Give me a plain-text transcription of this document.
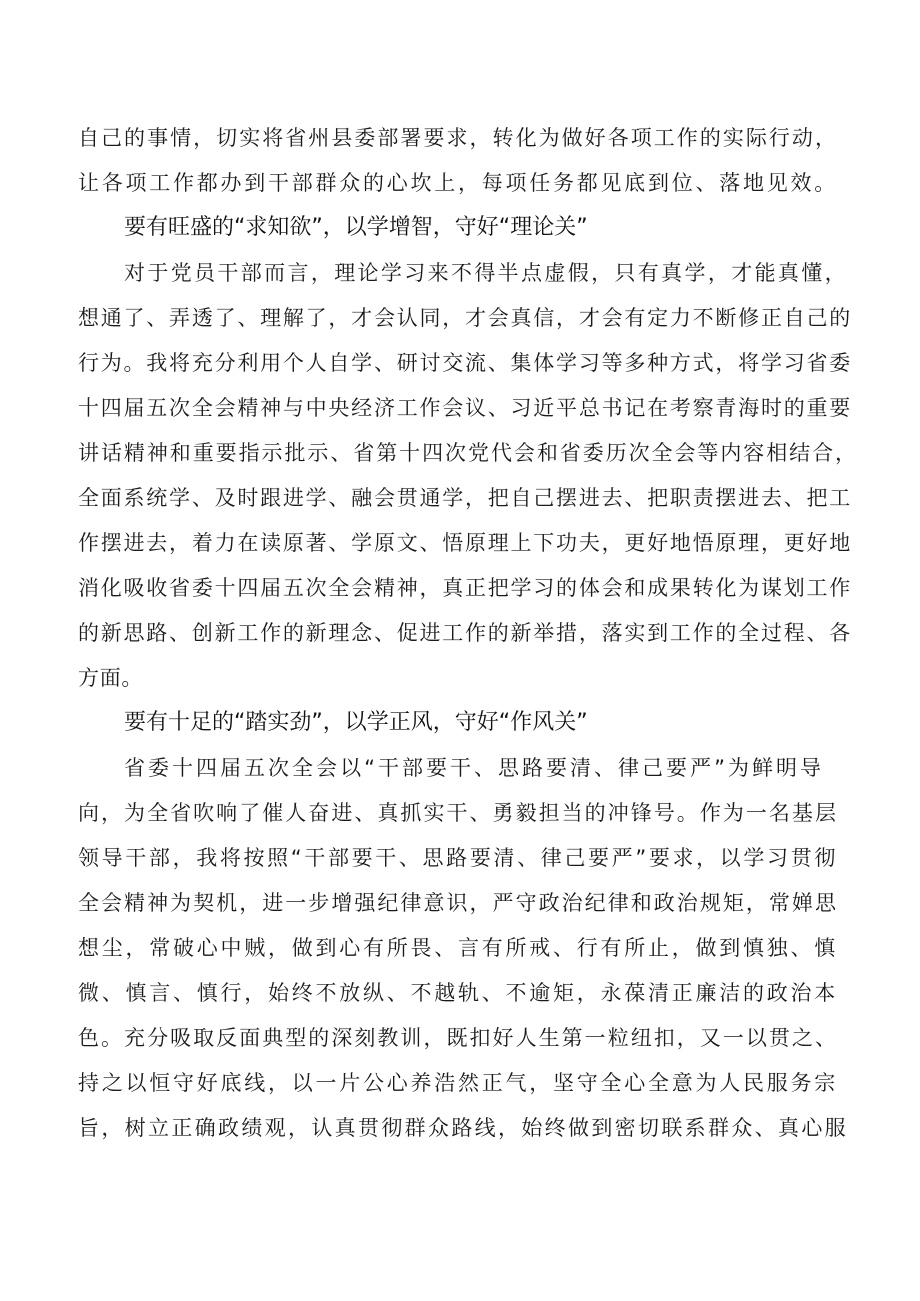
自己的事情，切实将省州县委部署要求，转化为做好各项工作的实际行动，
让各项工作都办到干部群众的心坎上，每项任务都见底到位、落地见效。
要有旺盛的“求知欲”，以学增智，守好“理论关”
对于党员干部而言，理论学习来不得半点虚假，只有真学，才能真懂，
想通了、弄透了、理解了，才会认同，才会真信，才会有定力不断修正自己的
行为。我将充分利用个人自学、研讨交流、集体学习等多种方式，将学习省委
十四届五次全会精神与中央经济工作会议、习近平总书记在考察青海时的重要
讲话精神和重要指示批示、省第十四次党代会和省委历次全会等内容相结合，
全面系统学、及时跟进学、融会贯通学，把自己摆进去、把职责摆进去、把工
作摆进去，着力在读原著、学原文、悟原理上下功夫，更好地悟原理，更好地
消化吸收省委十四届五次全会精神，真正把学习的体会和成果转化为谋划工作
的新思路、创新工作的新理念、促进工作的新举措，落实到工作的全过程、各
方面。
要有十足的“踏实劲”，以学正风，守好“作风关”
省委十四届五次全会以“干部要干、思路要清、律己要严”为鲜明导
向，为全省吹响了催人奋进、真抓实干、勇毅担当的冲锋号。作为一名基层
领导干部，我将按照“干部要干、思路要清、律己要严”要求，以学习贯彻
全会精神为契机，进一步增强纪律意识，严守政治纪律和政治规矩，常婵思
想尘，常破心中贼，做到心有所畏、言有所戒、行有所止，做到慎独、慎
微、慎言、慎行，始终不放纵、不越轨、不逾矩，永葆清正廉洁的政治本
色。充分吸取反面典型的深刻教训，既扣好人生第一粒纽扣，又一以贯之、
持之以恒守好底线，以一片公心养浩然正气，坚守全心全意为人民服务宗
旨，树立正确政绩观，认真贯彻群众路线，始终做到密切联系群众、真心服
